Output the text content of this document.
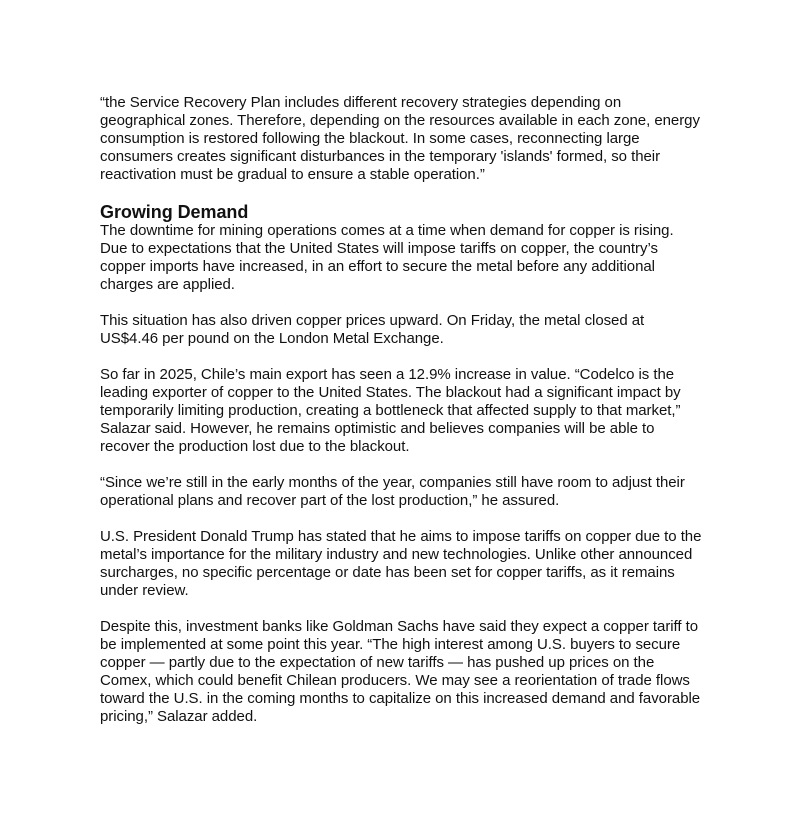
“the Service Recovery Plan includes different recovery strategies depending on geographical zones. Therefore, depending on the resources available in each zone, energy consumption is restored following the blackout. In some cases, reconnecting large consumers creates significant disturbances in the temporary 'islands' formed, so their reactivation must be gradual to ensure a stable operation.”

Growing Demand

The downtime for mining operations comes at a time when demand for copper is rising. Due to expectations that the United States will impose tariffs on copper, the country’s copper imports have increased, in an effort to secure the metal before any additional charges are applied.

This situation has also driven copper prices upward. On Friday, the metal closed at US$4.46 per pound on the London Metal Exchange.

So far in 2025, Chile’s main export has seen a 12.9% increase in value. “Codelco is the leading exporter of copper to the United States. The blackout had a significant impact by temporarily limiting production, creating a bottleneck that affected supply to that market,” Salazar said. However, he remains optimistic and believes companies will be able to recover the production lost due to the blackout.

“Since we’re still in the early months of the year, companies still have room to adjust their operational plans and recover part of the lost production,” he assured.

U.S. President Donald Trump has stated that he aims to impose tariffs on copper due to the metal’s importance for the military industry and new technologies. Unlike other announced surcharges, no specific percentage or date has been set for copper tariffs, as it remains under review.

Despite this, investment banks like Goldman Sachs have said they expect a copper tariff to be implemented at some point this year. “The high interest among U.S. buyers to secure copper — partly due to the expectation of new tariffs — has pushed up prices on the Comex, which could benefit Chilean producers. We may see a reorientation of trade flows toward the U.S. in the coming months to capitalize on this increased demand and favorable pricing,” Salazar added.
